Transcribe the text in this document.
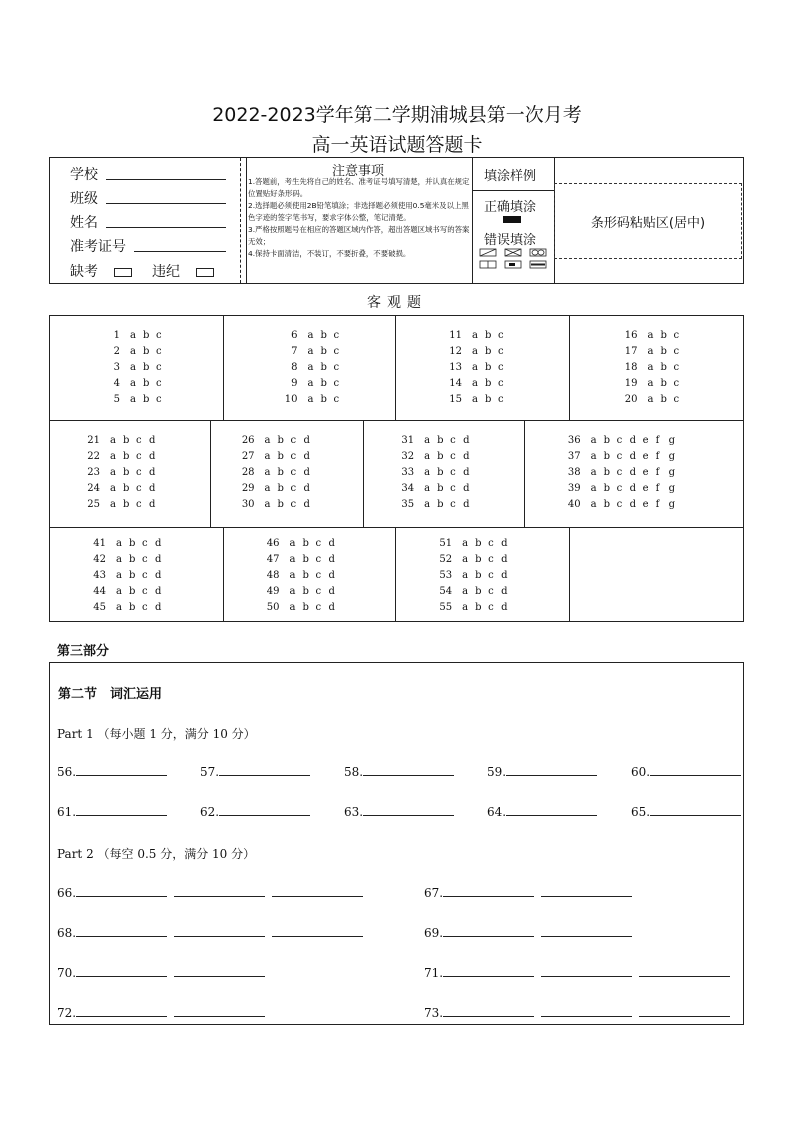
2022-2023学年第二学期浦城县第一次月考
高一英语试题答题卡
学校
班级
姓名
准考证号
缺考	违纪
注意事项
1.答题前，考生先将自己的姓名、准考证号填写清楚，并认真在规定位置贴好条形码。
2.选择题必须使用2B铅笔填涂；非选择题必须使用0.5毫米及以上黑色字迹的签字笔书写，要求字体公整，笔记清楚。
3.严格按照题号在相应的答题区域内作答，超出答题区域书写的答案无效；
4.保持卡面清洁，不装订，不要折叠，不要破损。
填涂样例
正确填涂
错误填涂
条形码粘贴区(居中)
客观题
1 a b c
2 a b c
3 a b c
4 a b c
5 a b c
6 a b c
7 a b c
8 a b c
9 a b c
10 a b c
11 a b c
12 a b c
13 a b c
14 a b c
15 a b c
16 a b c
17 a b c
18 a b c
19 a b c
20 a b c
21 a b c d
22 a b c d
23 a b c d
24 a b c d
25 a b c d
26 a b c d
27 a b c d
28 a b c d
29 a b c d
30 a b c d
31 a b c d
32 a b c d
33 a b c d
34 a b c d
35 a b c d
36 a b c d e f g
37 a b c d e f g
38 a b c d e f g
39 a b c d e f g
40 a b c d e f g
41 a b c d
42 a b c d
43 a b c d
44 a b c d
45 a b c d
46 a b c d
47 a b c d
48 a b c d
49 a b c d
50 a b c d
51 a b c d
52 a b c d
53 a b c d
54 a b c d
55 a b c d
第三部分
第二节　词汇运用
Part 1 （每小题 1 分，满分 10 分）
Part 2 （每空 0.5 分，满分 10 分）
56.	57.	58.	59.	60.
61.	62.	63.	64.	65.
66.	67.
68.	69.
70.	71.
72.	73.
